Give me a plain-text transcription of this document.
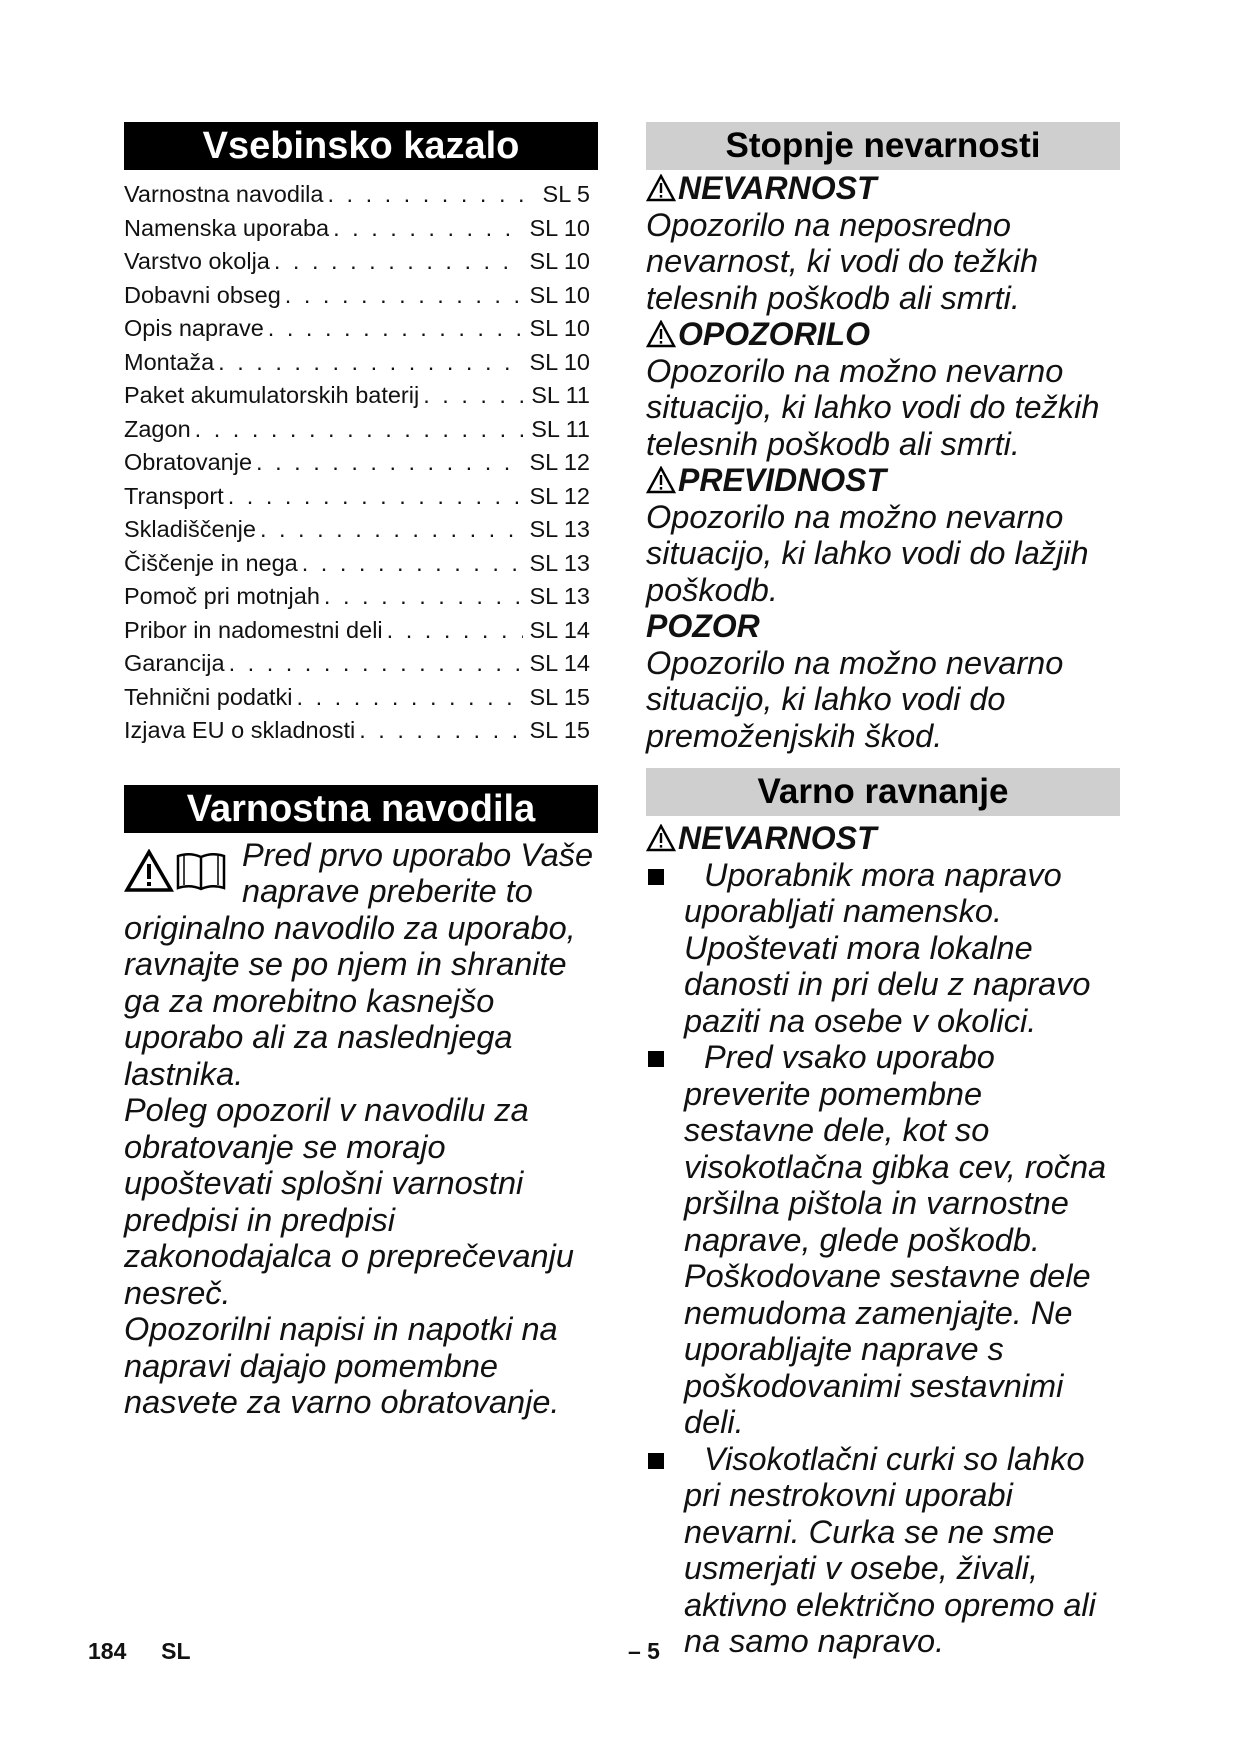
Vsebinsko kazalo
Varnostna navodila . . .	SL 5
Namenska uporaba . . .	SL 10
Varstvo okolja . . .	SL 10
Dobavni obseg . . .	SL 10
Opis naprave . . .	SL 10
Montaža . . .	SL 10
Paket akumulatorskih baterij . . .	SL 11
Zagon . . .	SL 11
Obratovanje . . .	SL 12
Transport . . .	SL 12
Skladiščenje . . .	SL 13
Čiščenje in nega . . .	SL 13
Pomoč pri motnjah . . .	SL 13
Pribor in nadomestni deli . . .	SL 14
Garancija . . .	SL 14
Tehnični podatki . . .	SL 15
Izjava EU o skladnosti . . .	SL 15
Varnostna navodila

Pred prvo uporabo Vaše naprave preberite to originalno navodilo za uporabo, ravnajte se po njem in shranite ga za morebitno kasnejšo uporabo ali za naslednjega lastnika.

Poleg opozoril v navodilu za obratovanje se morajo upoštevati splošni varnostni predpisi in predpisi zakonodajalca o preprečevanju nesreč.

Opozorilni napisi in napotki na napravi dajajo pomembne nasvete za varno obratovanje.

Stopnje nevarnosti
NEVARNOST

Opozorilo na neposredno nevarnost, ki vodi do težkih telesnih poškodb ali smrti.

OPOZORILO

Opozorilo na možno nevarno situacijo, ki lahko vodi do težkih telesnih poškodb ali smrti.

PREVIDNOST

Opozorilo na možno nevarno situacijo, ki lahko vodi do lažjih poškodb.

POZOR

Opozorilo na možno nevarno situacijo, ki lahko vodi do premoženjskih škod.

Varno ravnanje
NEVARNOST
Uporabnik mora napravo uporabljati namensko. Upoštevati mora lokalne danosti in pri delu z napravo paziti na osebe v okolici.
Pred vsako uporabo preverite pomembne sestavne dele, kot so visokotlačna gibka cev, ročna pršilna pištola in varnostne naprave, glede poškodb. Poškodovane sestavne dele nemudoma zamenjajte. Ne uporabljajte naprave s poškodovanimi sestavnimi deli.
Visokotlačni curki so lahko pri nestrokovni uporabi nevarni. Curka se ne sme usmerjati v osebe, živali, aktivno električno opremo ali na samo napravo.
184 SL	– 5
